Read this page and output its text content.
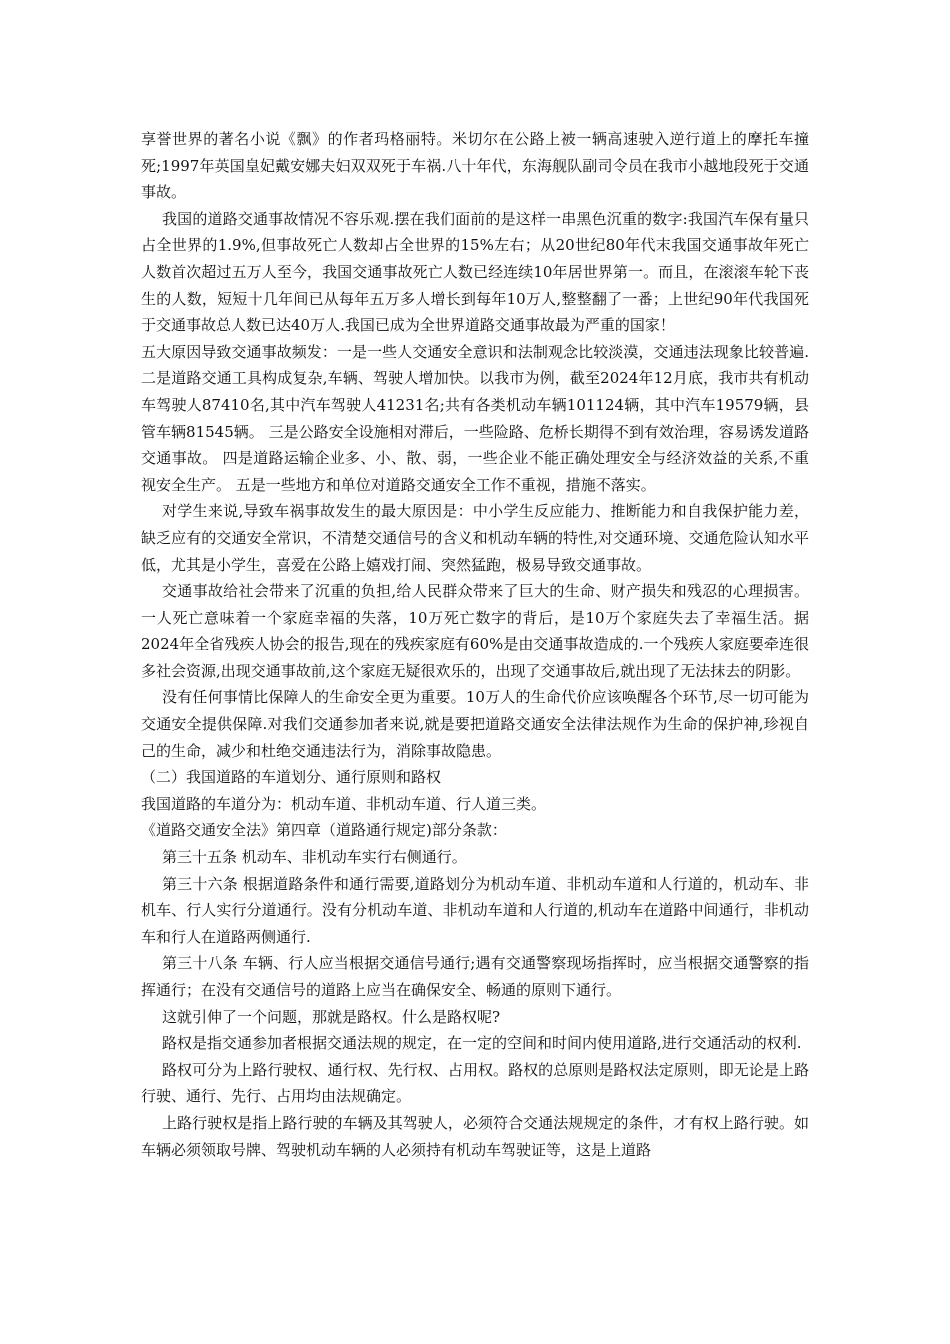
享誉世界的著名小说《飘》的作者玛格丽特。米切尔在公路上被一辆高速驶入逆行道上的摩托车撞死;1997年英国皇妃戴安娜夫妇双双死于车祸.八十年代，东海舰队副司令员在我市小越地段死于交通事故。

我国的道路交通事故情况不容乐观.摆在我们面前的是这样一串黑色沉重的数字:我国汽车保有量只占全世界的1.9%,但事故死亡人数却占全世界的15%左右；从20世纪80年代末我国交通事故年死亡人数首次超过五万人至今，我国交通事故死亡人数已经连续10年居世界第一。而且，在滚滚车轮下丧生的人数，短短十几年间已从每年五万多人增长到每年10万人,整整翻了一番；上世纪90年代我国死于交通事故总人数已达40万人.我国已成为全世界道路交通事故最为严重的国家！

五大原因导致交通事故频发：一是一些人交通安全意识和法制观念比较淡漠，交通违法现象比较普遍. 二是道路交通工具构成复杂,车辆、驾驶人增加快。以我市为例，截至2024年12月底，我市共有机动车驾驶人87410名,其中汽车驾驶人41231名;共有各类机动车辆101124辆，其中汽车19579辆，县管车辆81545辆。 三是公路安全设施相对滞后，一些险路、危桥长期得不到有效治理，容易诱发道路交通事故。 四是道路运输企业多、小、散、弱，一些企业不能正确处理安全与经济效益的关系,不重视安全生产。 五是一些地方和单位对道路交通安全工作不重视，措施不落实。

对学生来说,导致车祸事故发生的最大原因是：中小学生反应能力、推断能力和自我保护能力差，缺乏应有的交通安全常识，不清楚交通信号的含义和机动车辆的特性,对交通环境、交通危险认知水平低，尤其是小学生，喜爱在公路上嬉戏打闹、突然猛跑，极易导致交通事故。

交通事故给社会带来了沉重的负担,给人民群众带来了巨大的生命、财产损失和残忍的心理损害。一人死亡意味着一个家庭幸福的失落，10万死亡数字的背后，是10万个家庭失去了幸福生活。据2024年全省残疾人协会的报告,现在的残疾家庭有60%是由交通事故造成的.一个残疾人家庭要牵连很多社会资源,出现交通事故前,这个家庭无疑很欢乐的，出现了交通事故后,就出现了无法抹去的阴影。

没有任何事情比保障人的生命安全更为重要。10万人的生命代价应该唤醒各个环节,尽一切可能为交通安全提供保障.对我们交通参加者来说,就是要把道路交通安全法律法规作为生命的保护神,珍视自己的生命，减少和杜绝交通违法行为，消除事故隐患。

（二）我国道路的车道划分、通行原则和路权

我国道路的车道分为：机动车道、非机动车道、行人道三类。

《道路交通安全法》第四章（道路通行规定)部分条款：

第三十五条 机动车、非机动车实行右侧通行。

第三十六条 根据道路条件和通行需要,道路划分为机动车道、非机动车道和人行道的，机动车、非机车、行人实行分道通行。没有分机动车道、非机动车道和人行道的,机动车在道路中间通行，非机动车和行人在道路两侧通行.

第三十八条 车辆、行人应当根据交通信号通行;遇有交通警察现场指挥时，应当根据交通警察的指挥通行；在没有交通信号的道路上应当在确保安全、畅通的原则下通行。

这就引伸了一个问题，那就是路权。什么是路权呢?

路权是指交通参加者根据交通法规的规定，在一定的空间和时间内使用道路,进行交通活动的权利.

路权可分为上路行驶权、通行权、先行权、占用权。路权的总原则是路权法定原则，即无论是上路行驶、通行、先行、占用均由法规确定。

上路行驶权是指上路行驶的车辆及其驾驶人，必须符合交通法规规定的条件，才有权上路行驶。如车辆必须领取号牌、驾驶机动车辆的人必须持有机动车驾驶证等，这是上道路
